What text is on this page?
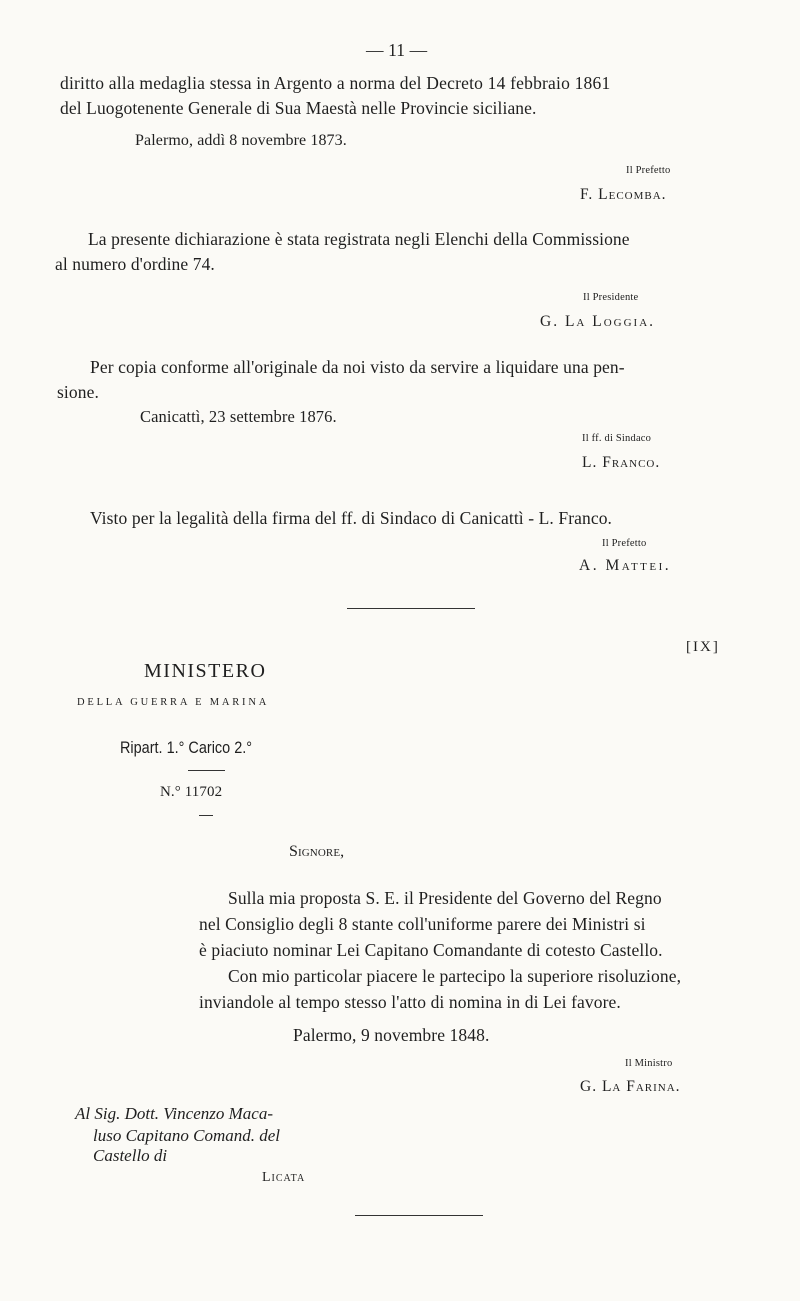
— 11 —
diritto alla medaglia stessa in Argento a norma del Decreto 14 febbraio 1861
del Luogotenente Generale di Sua Maestà nelle Provincie siciliane.
Palermo, addì 8 novembre 1873.
Il Prefetto
F. Lecomba.
La presente dichiarazione è stata registrata negli Elenchi della Commissione
al numero d'ordine 74.
Il Presidente
G. La Loggia.
Per copia conforme all'originale da noi visto da servire a liquidare una pen-
sione.
Canicattì, 23 settembre 1876.
Il ff. di Sindaco
L. Franco.
Visto per la legalità della firma del ff. di Sindaco di Canicattì - L. Franco.
Il Prefetto
A. Mattei.
[IX]
MINISTERO
DELLA GUERRA E MARINA
Ripart. 1.° Carico 2.°
N.° 11702
Signore,
Sulla mia proposta S. E. il Presidente del Governo del Regno
nel Consiglio degli 8 stante coll'uniforme parere dei Ministri si
è piaciuto nominar Lei Capitano Comandante di cotesto Castello.
Con mio particolar piacere le partecipo la superiore risoluzione,
inviandole al tempo stesso l'atto di nomina in di Lei favore.
Palermo, 9 novembre 1848.
Il Ministro
G. La Farina.
Al Sig. Dott. Vincenzo Maca-
luso Capitano Comand. del
Castello di
Licata
